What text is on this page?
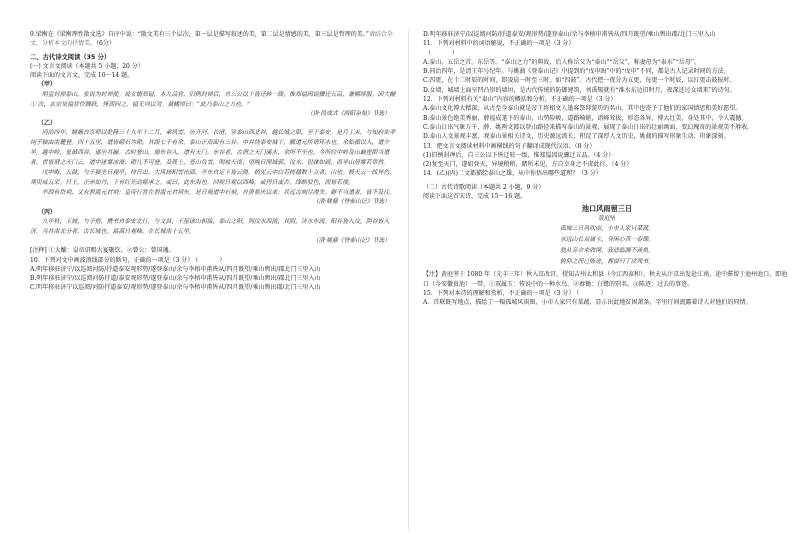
9.梁衡在《梁衡理性散文选》自序中说：“散文美有三个层次，第一层是描写叙述的美，第二层是情感的美，第三层是哲理的美。”请结合全文，分析本文的抒情美。（6分）
二、古代诗文阅读（35 分）
(一) 文言文阅读（本题共 5 小题，20 分）
阅读下面的文言文，完成 10～14 题。
（甲）
　　明皇封禅泰山，张说为封禅使。说女婿郑镒，本九品官，旧例封禅后，自三公以下皆迁转一级，惟郑镒因说骤迁五品，兼赐绯服。因大酺① 次，玄宗见镒官位腾跃，怪而问之，镒无词以对。黄幡绰曰：“此乃泰山之力也。”
（唐·段成式《酉阳杂俎》节选）
（乙）
　　同治四年，姚鼐自京师以乾隆三十九年十二月，乘风雪，历齐河、长清，穿泰山西北谷，越长城之限，至于泰安。是月丁未，与知府朱孝纯子颍由南麓登。四十五里，道皆砌石为磴，其级七千有余。泰山正南面有三谷。中谷绕泰安城下，郦道元所谓环水也。余始循以入，道少半，越中岭，复循西谷，遂至其巅。古时登山，循东谷入，道有天门。东谷者，古谓之天门溪水，余所不至也。今所经中岭及山巅崖限当道者，世皆谓之天门云。道中迷雾冰滑，磴几不可登。及既上，苍山负雪，明烛天南；望晚日照城郭，汶水、徂徕如画，而半山居雾若带然。
　　戊申晦，五鼓，与子颍坐日观亭，待日出。大风扬积雪击面。亭东自足下皆云漫。稍见云中白若樗蒱数十立者，山也。极天云一线异色，须臾成五采。日上，正赤如丹，下有红光动摇承之。或曰，此东海也。回视日观以西峰，或得日或否，绛皓驳色，而皆若偻。
　　亭西有岱祠，又有碧霞元君祠；皇帝行宫在碧霞元君祠东。是日观道中石刻，自唐显庆以来；其远古刻尽漫失。僻不当道者，皆不及往。
（清·姚鼐《登泰山记》节选）
（丙）
　　九年秋，玉坡，与子偕，携书自泰安北行，与文昌、王屋诸山相接，泰山之阳，则汶水西流，其阴，济水东流。阳谷皆入汶，阴谷皆入济。当其南北分者，古长城也。最高日观峰，在长城南十五里。
（清·姚鼐《登泰山记》节选）
[注释] ①大酺：皇帝诏赐大宴聚饮。②曾公：曾国藩。
10．下列对文中画波浪线部分的断句，正确的一项是（3 分） （　　）
A.明年移驻济宁/以巡阅河防/抒道泰安观形势/遂登泰山/余与李榕申甫皆从/四月既望/乘山舆出/郡北门三里入山
B.明年移驻济宁/以巡阅河防抒道/泰安观形势/遂登泰山/余与李榕申甫皆从/四月既望/乘山舆出/郡北门三里入山
C.明年移驻济宁以巡阅/河防抒道泰安/观形势/遂登泰山/余与李榕申甫皆从/四月既望/乘山舆出郡/北门三里入山
D.明年移驻济宁/以巡阅河防/抒道泰安/观形势/遂登泰山/余与李榕申甫皆从/四月既望/乘山舆出郡/北门三里入山
11．下列对材料中的词语解说，不正确的一项是（3 分）
（　　）
A.泰山，五岳之首。东岳等。“泰山之力”的典故，后人称岳父为“泰山”“岳父”，称妻母为“泰水”“岳母”。
B.同治四年，是清王年号纪年。与姚鼐《登泰山记》中提到的“戊申晦”中的“戊申”不同，都是古人记录时间的方法。
C.四更，在十二时辰的时间，即凌晨一时至三时，如“四鼓”。古代把一夜分为五更，每更一个时辰，以打更击鼓报时。
D.女墙，城墙上面呈凹凸形的墙垣，是古代传统的防御建筑，刘禹锡就有“淮水东边旧时月，夜深还过女墙来”的诗句。
12．下列对材料有关“泰山”内容的概括和分析，不正确的一项是（3 分）
A.泰山文化博大精深，从古至今泰山就是帝王将相文人墨客祭拜游历的名山，其中也寄予了他们的家国情思和美好愿望。
B.泰山景色绝美秀丽，薛福成笔下的泰山，山势险峻，道路崎岖，谱峰耸拔，形态各异，博大壮美，身处其中，令人震撼。
C.泰山日出气象万千，薛、姚两文都以登山路径来描写泰山的景观，展现了泰山日出的壮丽画面，变幻瑰奇的景观美不胜收。
D.泰山人文景观丰富，观泰山景相关诗文，历史源远流长，积淀了深厚人文历史，姚鼐的描写形象生动，印象深刻。
13．把文言文阅读材料中画横线的句子翻译成现代汉语。（8 分）
(1)旧例封禅后，自三公以下皆迁转一级，惟郑镒因说骤迁五品。（4 分）
(2)复至天门，遂如登天，异境稍稍，睹所未见，方自幸身之不虚此行。（4 分）
14．(乙)(丙)二文都描绘泰山之雄，从中你悟出哪些道理？（3 分）
（二）古代诗歌阅读（本题共 2 小题，9 分）
阅读下面这首宋诗，完成 15～16 题。
池口风雨留三日
黄庭坚
孤城三日风吹雨，小市人家只菜蔬。
水远山长双属玉，身闲心苦一舂锄。
翁从旁舍来收网，我适临渊不羡鱼。
俯仰之间已陈迹，暮窗归了读残书。
【注】黄庭坚于 1080 年（元丰三年）秋入京改官，授知吉州太和县（今江西泰和），秋天从汴京出发赴江南，途中滞留于池州池口，即池口（今安徽贵池）一带。①双属玉：传说中的一种水鸟。②舂锄：白鹭的别名。③陈迹：过去的事迹。
15．下列对本诗的理解和赏析，不正确的一项是（3 分） （　　）
A．首联既写地点，描绘了一幅孤城风雨图，小市人家只有菜蔬，显示出此地贫困萧条，字里行间流露着诗人对他们的同情。
